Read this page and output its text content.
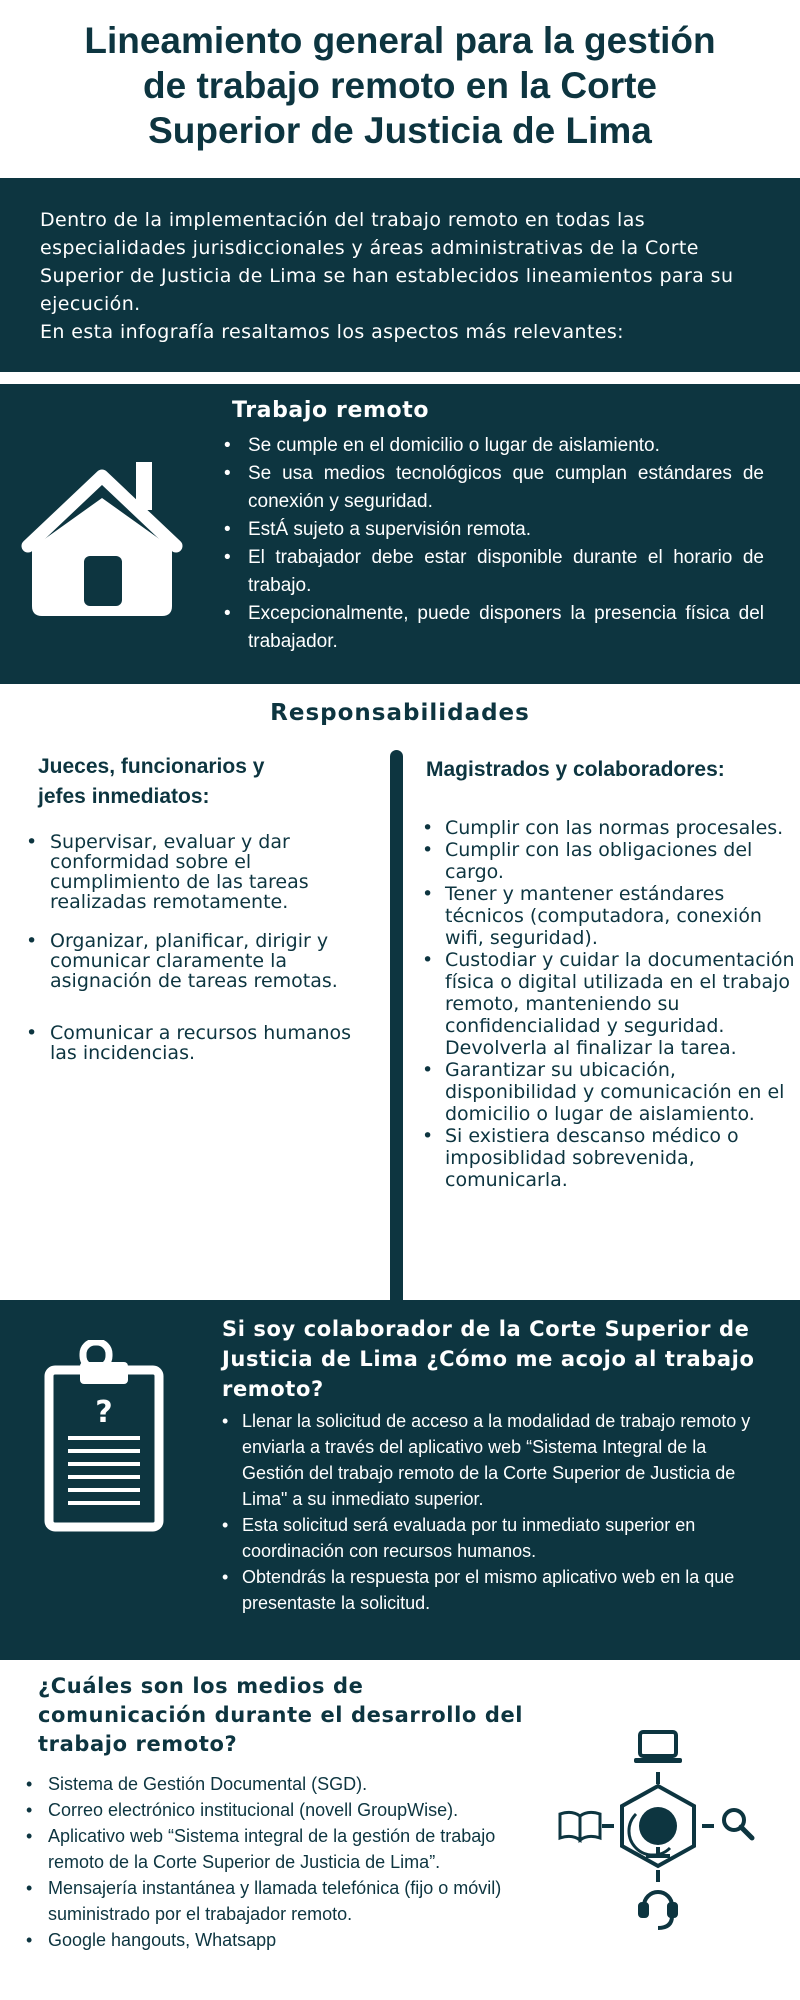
Lineamiento general para la gestión
de trabajo remoto en la Corte
Superior de Justicia de Lima

Dentro de la implementación del trabajo remoto en todas las especialidades jurisdiccionales y áreas administrativas de la Corte Superior de Justicia de Lima se han establecidos lineamientos para su ejecución.

En esta infografía resaltamos los aspectos más relevantes:

Trabajo remoto
• Se cumple en el domicilio o lugar de aislamiento.
• Se usa medios tecnológicos que cumplan estándares de conexión y seguridad.
• EstÁ sujeto a supervisión remota.
• El trabajador debe estar disponible durante el horario de trabajo.
• Excepcionalmente, puede disponers la presencia física del trabajador.
Responsabilidades
Jueces, funcionarios y
jefes inmediatos:
Magistrados y colaboradores:
• Supervisar, evaluar y dar conformidad sobre el cumplimiento de las tareas realizadas remotamente.
• Organizar, planificar, dirigir y comunicar claramente la asignación de tareas remotas.
• Comunicar a recursos humanos las incidencias.
• Cumplir con las normas procesales.
• Cumplir con las obligaciones del cargo.
• Tener y mantener estándares técnicos (computadora, conexión wifi, seguridad).
• Custodiar y cuidar la documentación física o digital utilizada en el trabajo remoto, manteniendo su confidencialidad y seguridad. Devolverla al finalizar la tarea.
• Garantizar su ubicación, disponibilidad y comunicación en el domicilio o lugar de aislamiento.
• Si existiera descanso médico o imposiblidad sobrevenida, comunicarla.
?
Si soy colaborador de la Corte Superior de Justicia de Lima ¿Cómo me acojo al trabajo remoto?
• Llenar la solicitud de acceso a la modalidad de trabajo remoto y enviarla a través del aplicativo web “Sistema Integral de la Gestión del trabajo remoto de la Corte Superior de Justicia de Lima" a su inmediato superior.
• Esta solicitud será evaluada por tu inmediato superior en coordinación con recursos humanos.
• Obtendrás la respuesta por el mismo aplicativo web en la que presentaste la solicitud.
¿Cuáles son los medios de comunicación durante el desarrollo del trabajo remoto?
• Sistema de Gestión Documental (SGD).
• Correo electrónico institucional (novell GroupWise).
• Aplicativo web “Sistema integral de la gestión de trabajo remoto de la Corte Superior de Justicia de Lima”.
• Mensajería instantánea y llamada telefónica (fijo o móvil) suministrado por el trabajador remoto.
• Google hangouts, Whatsapp
